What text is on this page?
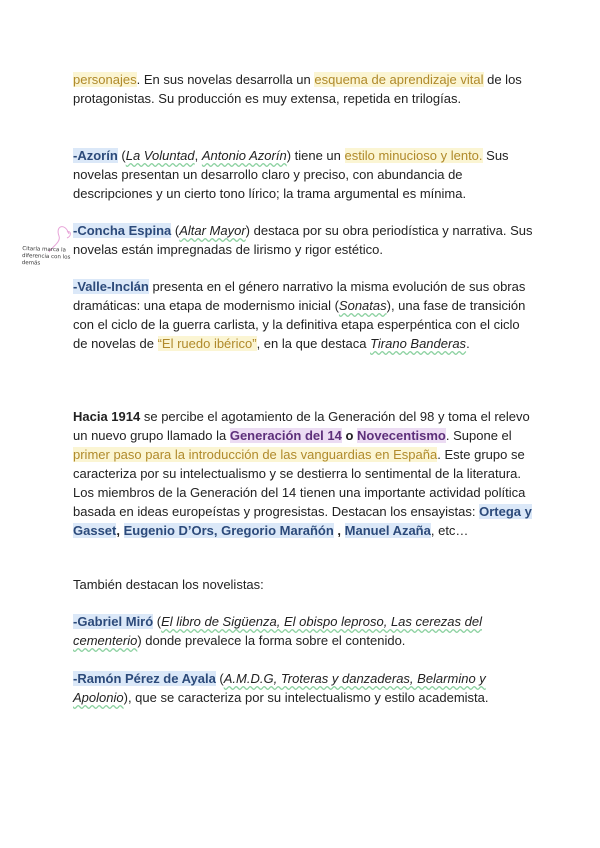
personajes. En sus novelas desarrolla un esquema de aprendizaje vital de los protagonistas. Su producción es muy extensa, repetida en trilogías.

-Azorín (La Voluntad, Antonio Azorín) tiene un estilo minucioso y lento. Sus novelas presentan un desarrollo claro y preciso, con abundancia de descripciones y un cierto tono lírico; la trama argumental es mínima.

-Concha Espina (Altar Mayor) destaca por su obra periodística y narrativa. Sus novelas están impregnadas de lirismo y rigor estético.

Citarla marca la diferencia con los demás

-Valle-Inclán presenta en el género narrativo la misma evolución de sus obras dramáticas: una etapa de modernismo inicial (Sonatas), una fase de transición con el ciclo de la guerra carlista, y la definitiva etapa esperpéntica con el ciclo de novelas de “El ruedo ibérico”, en la que destaca Tirano Banderas.

Hacia 1914 se percibe el agotamiento de la Generación del 98 y toma el relevo un nuevo grupo llamado la Generación del 14 o Novecentismo. Supone el primer paso para la introducción de las vanguardias en España. Este grupo se caracteriza por su intelectualismo y se destierra lo sentimental de la literatura. Los miembros de la Generación del 14 tienen una importante actividad política basada en ideas europeístas y progresistas. Destacan los ensayistas: Ortega y Gasset, Eugenio D’Ors, Gregorio Marañón , Manuel Azaña, etc…

También destacan los novelistas:

-Gabriel Miró (El libro de Sigüenza, El obispo leproso, Las cerezas del cementerio) donde prevalece la forma sobre el contenido.

-Ramón Pérez de Ayala (A.M.D.G, Troteras y danzaderas, Belarmino y Apolonio), que se caracteriza por su intelectualismo y estilo academista.
